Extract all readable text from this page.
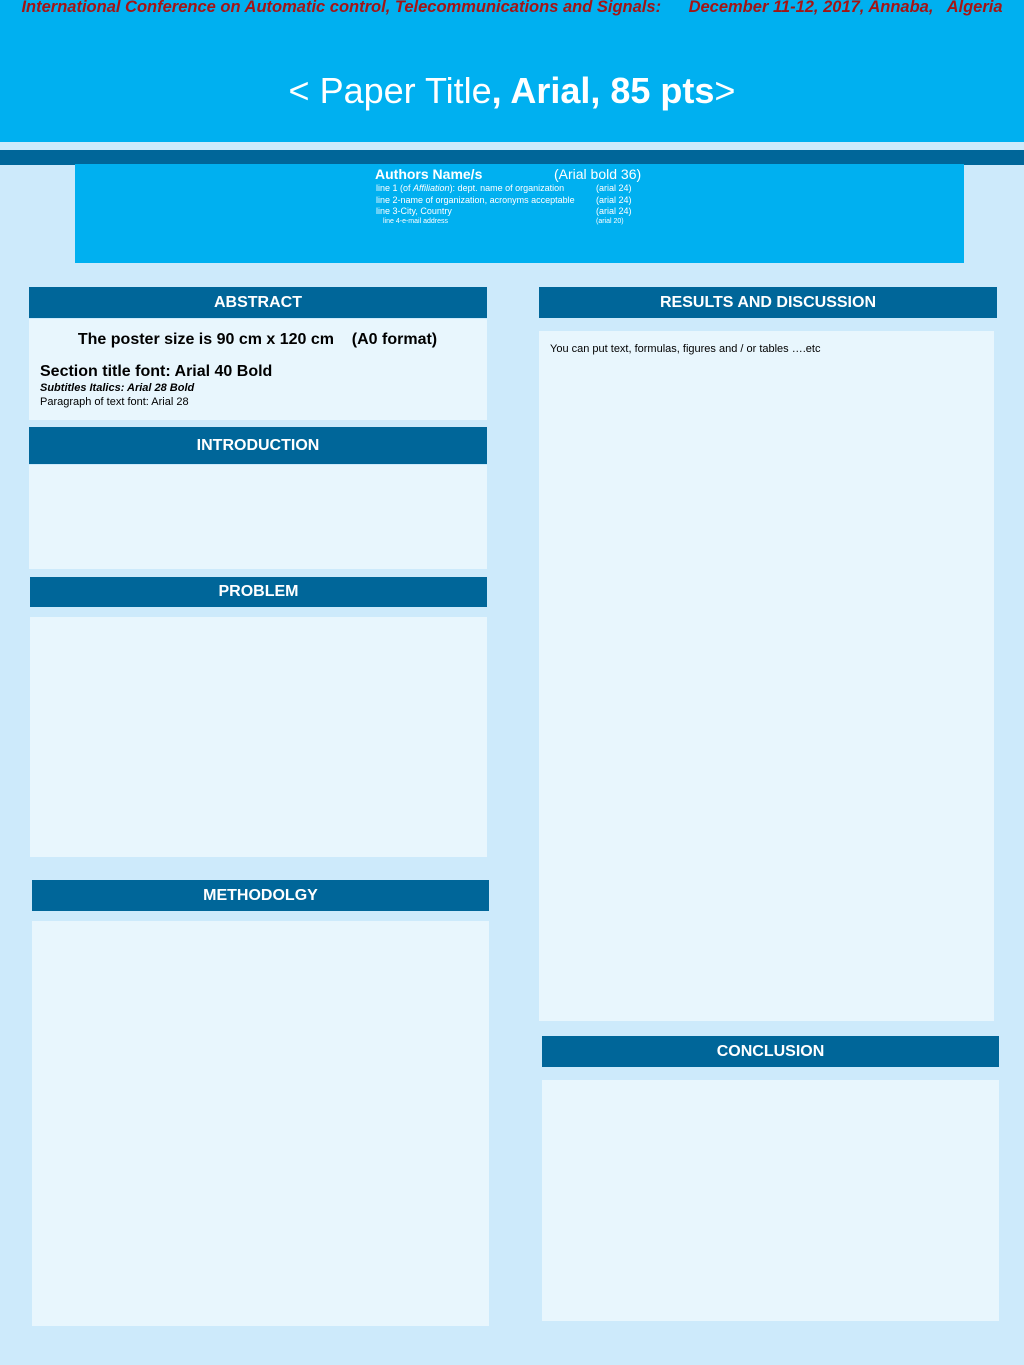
International Conference on Automatic control, Telecommunications and Signals:      December 11-12, 2017, Annaba,   Algeria
< Paper Title, Arial, 85 pts>
Authors Name/s	(Arial bold 36)
line 1 (of Affiliation): dept. name of organization	(arial 24)
line 2-name of organization, acronyms acceptable (arial 24)
line 3-City, Country	(arial 24)
line 4-e-mail address	(arial 20)
ABSTRACT
The poster size is 90 cm x 120 cm    (A0 format)
Section title font: Arial 40 Bold
Subtitles Italics: Arial 28 Bold
Paragraph of text font: Arial 28
INTRODUCTION
PROBLEM
METHODOLGY
RESULTS AND DISCUSSION
You can put text, formulas, figures and / or tables ….etc
CONCLUSION
